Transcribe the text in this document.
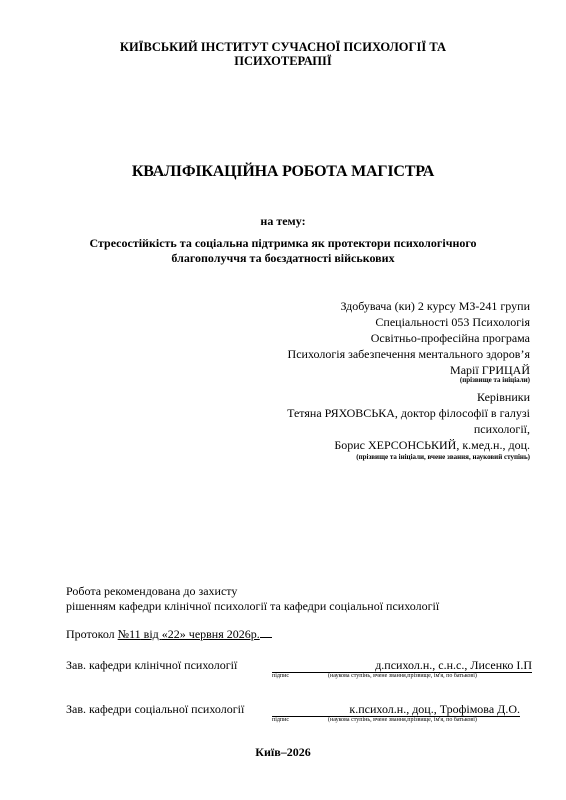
КИЇВСЬКИЙ ІНСТИТУТ СУЧАСНОЇ ПСИХОЛОГІЇ ТА
ПСИХОТЕРАПІЇ
КВАЛІФІКАЦІЙНА РОБОТА МАГІСТРА
на тему:
Стресостійкість та соціальна підтримка як протектори психологічного
благополуччя та боєздатності військових
Здобувача (ки) 2 курсу МЗ-241 групи
Спеціальності 053 Психологія
Освітньо-професійна програма
Психологія забезпечення ментального здоров’я
Марії ГРИЦАЙ
(прізвище та ініціали)
Керівники
Тетяна РЯХОВСЬКА, доктор філософії в галузі
психології,
Борис ХЕРСОНСЬКИЙ, к.мед.н., доц.
(прізвище та ініціали, вчене звання, науковий ступінь)
Робота рекомендована до захисту
рішенням кафедри клінічної психології та кафедри соціальної психології
Протокол №11 від «22» червня 2026р.
Зав. кафедри клінічної психології	д.психол.н., с.н.с., Лисенко І.П
підпис	(наукова ступінь, вчене звання,прізвище, ім'я, по батькові)
Зав. кафедри соціальної психології	к.психол.н., доц., Трофімова Д.О.
підпис	(наукова ступінь, вчене звання,прізвище, ім'я, по батькові)
Київ–2026
